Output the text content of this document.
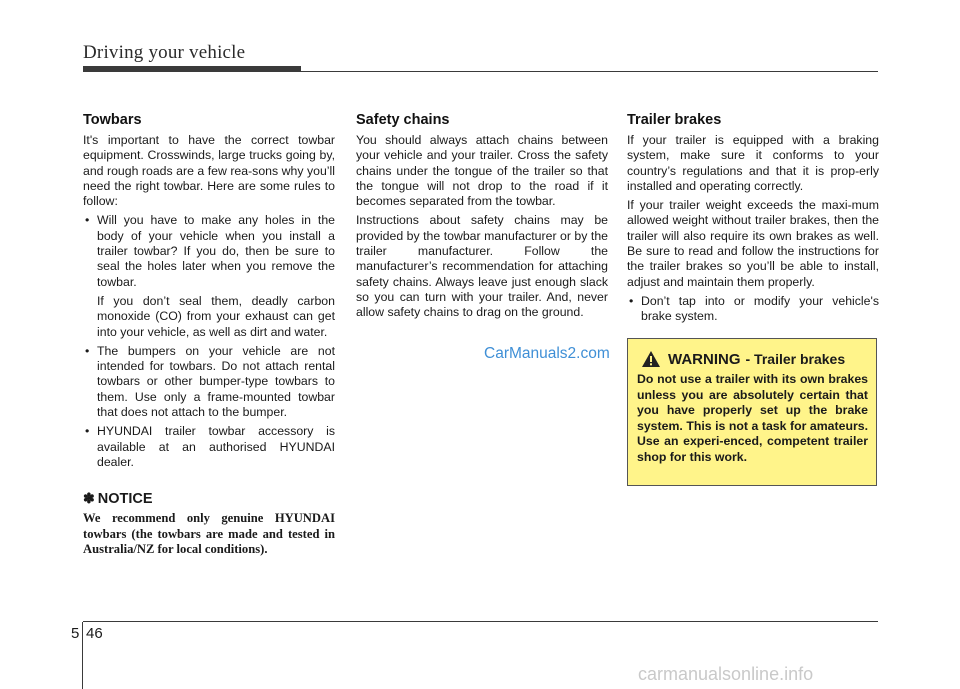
Driving your vehicle
Towbars

It's important to have the correct towbar equipment. Crosswinds, large trucks going by, and rough roads are a few rea-sons why you’ll need the right towbar. Here are some rules to follow:

• Will you have to make any holes in the body of your vehicle when you install a trailer towbar? If you do, then be sure to seal the holes later when you remove the towbar.

If you don’t seal them, deadly carbon monoxide (CO) from your exhaust can get into your vehicle, as well as dirt and water.

• The bumpers on your vehicle are not intended for towbars. Do not attach rental towbars or other bumper-type towbars to them. Use only a frame-mounted towbar that does not attach to the bumper.
• HYUNDAI trailer towbar accessory is available at an authorised HYUNDAI dealer.
✽ NOTICE

We recommend only genuine HYUNDAI towbars (the towbars are made and tested in Australia/NZ for local conditions).

Safety chains

You should always attach chains between your vehicle and your trailer. Cross the safety chains under the tongue of the trailer so that the tongue will not drop to the road if it becomes separated from the towbar.

Instructions about safety chains may be provided by the towbar manufacturer or by the trailer manufacturer. Follow the manufacturer’s recommendation for attaching safety chains. Always leave just enough slack so you can turn with your trailer. And, never allow safety chains to drag on the ground.

CarManuals2.com
Trailer brakes

If your trailer is equipped with a braking system, make sure it conforms to your country’s regulations and that it is prop-erly installed and operating correctly.

If your trailer weight exceeds the maxi-mum allowed weight without trailer brakes, then the trailer will also require its own brakes as well. Be sure to read and follow the instructions for the trailer brakes so you’ll be able to install, adjust and maintain them properly.

• Don’t tap into or modify your vehicle's brake system.
WARNING - Trailer brakes

Do not use a trailer with its own brakes unless you are absolutely certain that you have properly set up the brake system. This is not a task for amateurs. Use an experi-enced, competent trailer shop for this work.

5 46
carmanualsonline.info
